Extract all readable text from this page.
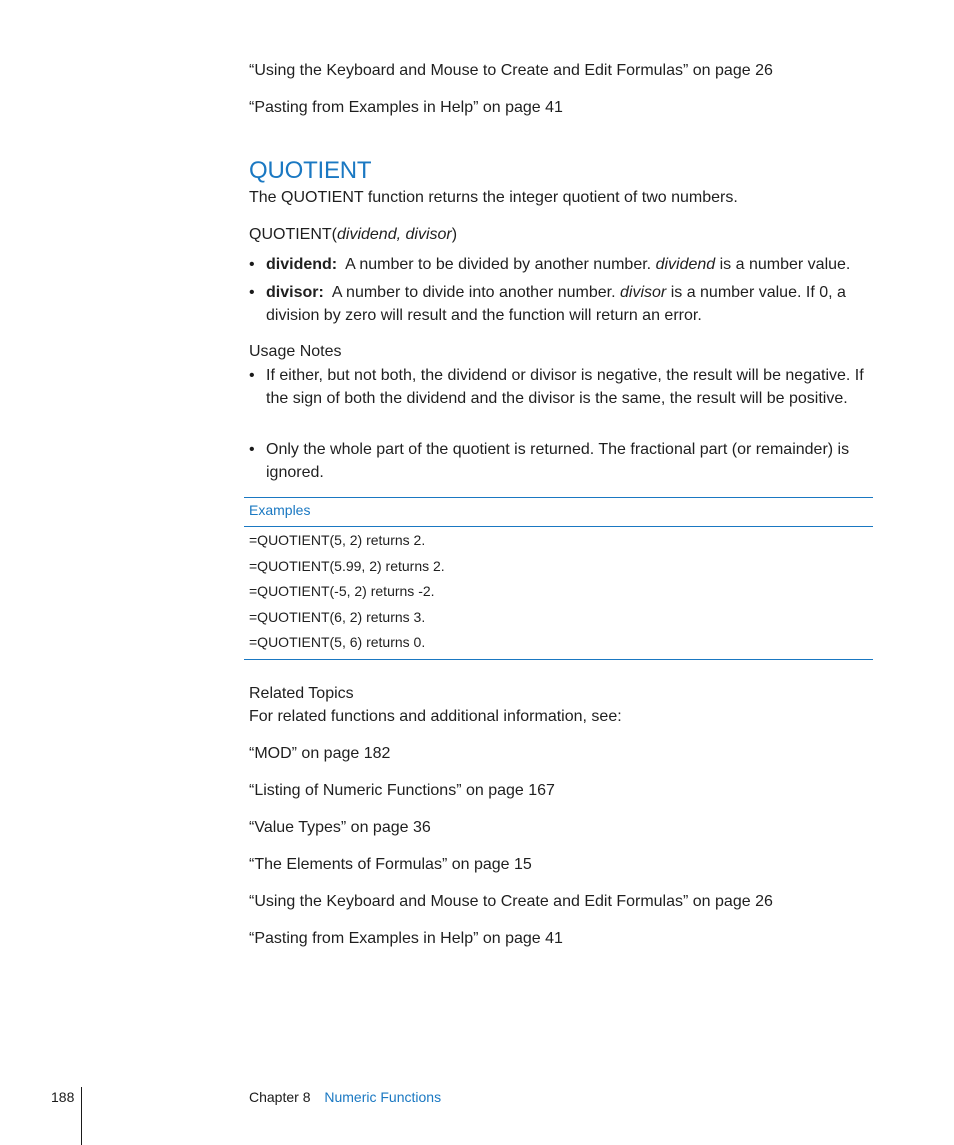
“Using the Keyboard and Mouse to Create and Edit Formulas” on page 26
“Pasting from Examples in Help” on page 41
QUOTIENT
The QUOTIENT function returns the integer quotient of two numbers.
QUOTIENT(dividend, divisor)
• dividend: A number to be divided by another number. dividend is a number value.
• divisor: A number to divide into another number. divisor is a number value. If 0, a division by zero will result and the function will return an error.
Usage Notes
• If either, but not both, the dividend or divisor is negative, the result will be negative. If the sign of both the dividend and the divisor is the same, the result will be positive.
• Only the whole part of the quotient is returned. The fractional part (or remainder) is ignored.
Examples
=QUOTIENT(5, 2) returns 2.
=QUOTIENT(5.99, 2) returns 2.
=QUOTIENT(-5, 2) returns -2.
=QUOTIENT(6, 2) returns 3.
=QUOTIENT(5, 6) returns 0.
Related Topics
For related functions and additional information, see:
“MOD” on page 182
“Listing of Numeric Functions” on page 167
“Value Types” on page 36
“The Elements of Formulas” on page 15
“Using the Keyboard and Mouse to Create and Edit Formulas” on page 26
“Pasting from Examples in Help” on page 41
188	Chapter 8 Numeric Functions
